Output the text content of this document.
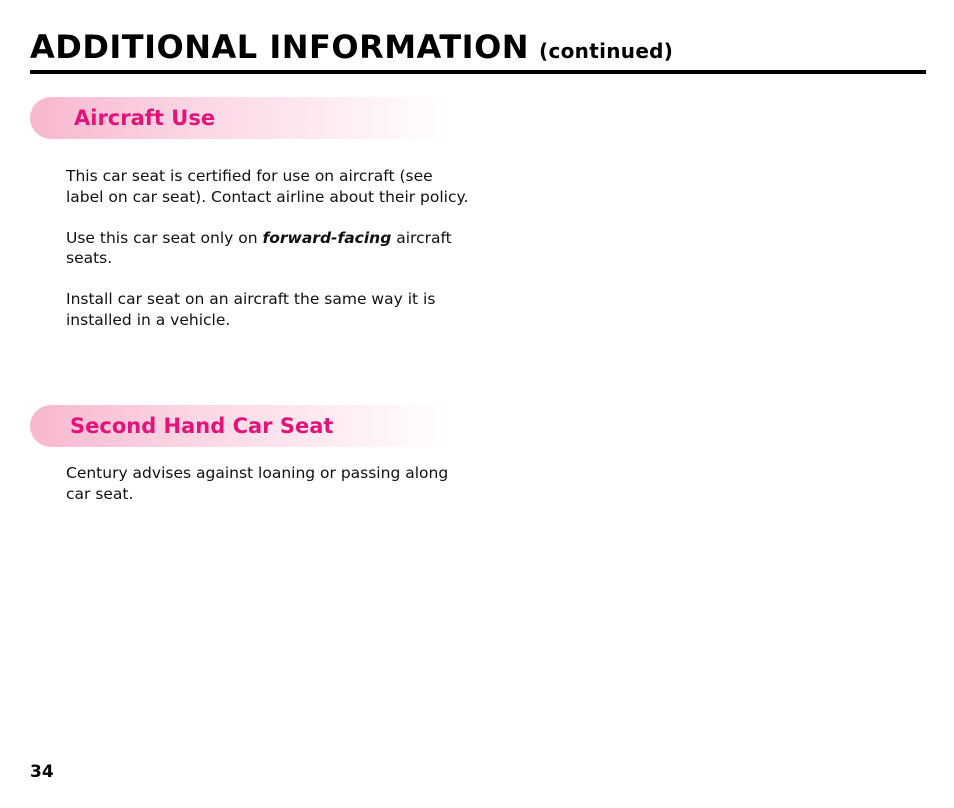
ADDITIONAL INFORMATION (continued)
Aircraft Use

This car seat is certified for use on aircraft (see label on car seat). Contact airline about their policy.

Use this car seat only on forward-facing aircraft seats.

Install car seat on an aircraft the same way it is installed in a vehicle.

Second Hand Car Seat

Century advises against loaning or passing along car seat.

34
